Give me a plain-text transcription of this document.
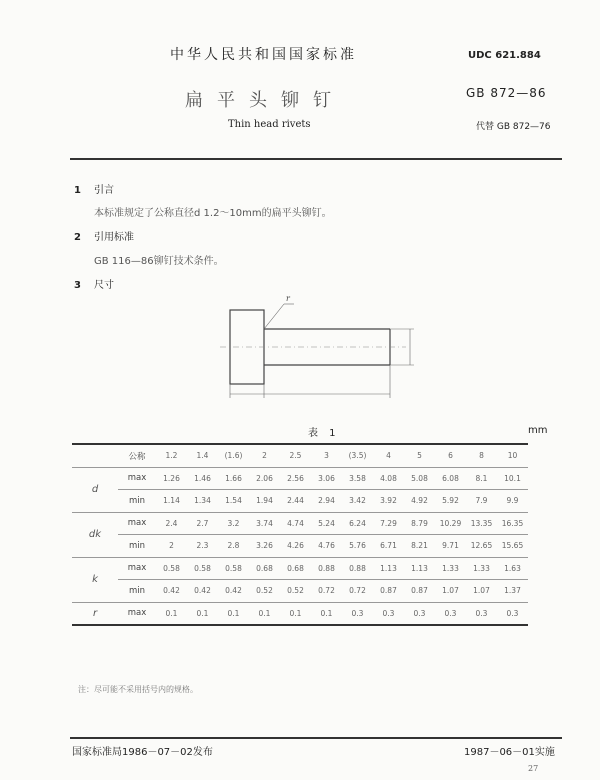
中华人民共和国国家标准	UDC 621.884
扁平头铆钉	GB 872—86
Thin head rivets	代替 GB 872—76
1 引言
本标准规定了公称直径d 1.2～10mm的扁平头铆钉。
2 引用标准
GB 116—86铆钉技术条件。
3 尺寸
r
表 1	mm
	公称	1.2	1.4	(1.6)	2	2.5	3	(3.5)	4	5	6	8	10
d	max	1.26	1.46	1.66	2.06	2.56	3.06	3.58	4.08	5.08	6.08	8.1	10.1
	min	1.14	1.34	1.54	1.94	2.44	2.94	3.42	3.92	4.92	5.92	7.9	9.9
dk	max	2.4	2.7	3.2	3.74	4.74	5.24	6.24	7.29	8.79	10.29	13.35	16.35
	min	2	2.3	2.8	3.26	4.26	4.76	5.76	6.71	8.21	9.71	12.65	15.65
k	max	0.58	0.58	0.58	0.68	0.68	0.88	0.88	1.13	1.13	1.33	1.33	1.63
	min	0.42	0.42	0.42	0.52	0.52	0.72	0.72	0.87	0.87	1.07	1.07	1.37
r	max	0.1	0.1	0.1	0.1	0.1	0.1	0.3	0.3	0.3	0.3	0.3	0.3
注：尽可能不采用括号内的规格。
国家标准局1986－07－02发布	1987－06－01实施
27
